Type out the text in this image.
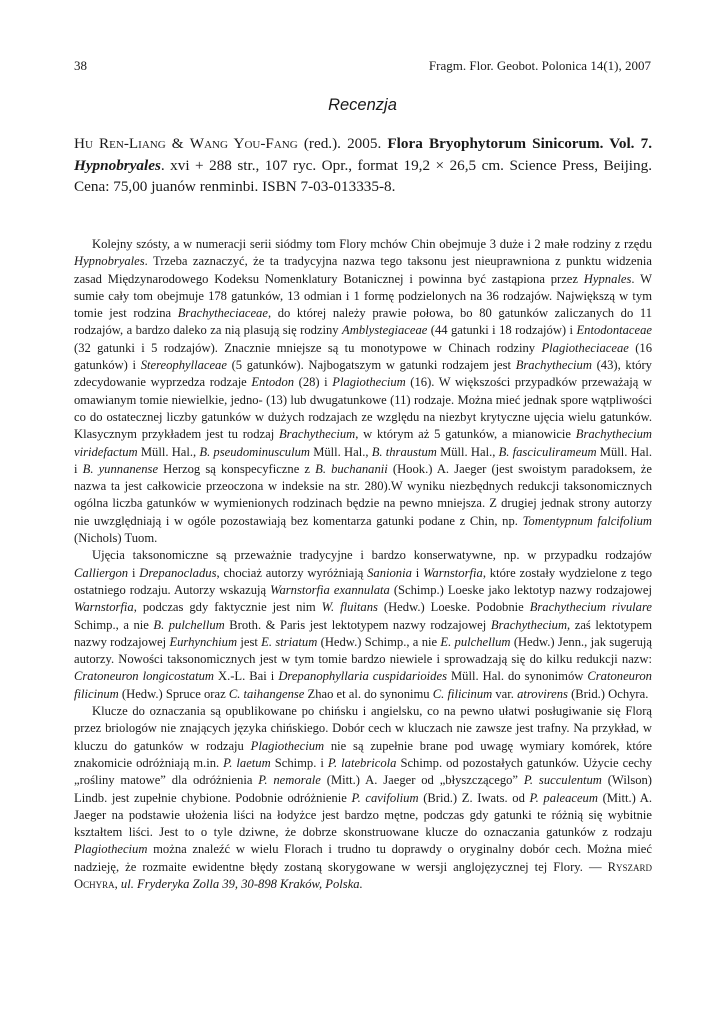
38	Fragm. Flor. Geobot. Polonica 14(1), 2007
Recenzja
Hu Ren-Liang & Wang You-Fang (red.). 2005. Flora Bryophytorum Sinicorum. Vol. 7. Hypnobryales. xvi + 288 str., 107 ryc. Opr., format 19,2 × 26,5 cm. Science Press, Beijing. Cena: 75,00 juanów renminbi. ISBN 7-03-013335-8.

Kolejny szósty, a w numeracji serii siódmy tom Flory mchów Chin obejmuje 3 duże i 2 małe rodziny z rzędu Hypnobryales. Trzeba zaznaczyć, że ta tradycyjna nazwa tego taksonu jest nieuprawniona z punktu widzenia zasad Międzynarodowego Kodeksu Nomenklatury Botanicznej i powinna być zastąpiona przez Hypnales. W sumie cały tom obejmuje 178 gatunków, 13 odmian i 1 formę podzielonych na 36 rodzajów. Największą w tym tomie jest rodzina Brachytheciaceae, do której należy prawie połowa, bo 80 gatunków zaliczanych do 11 rodzajów, a bardzo daleko za nią plasują się rodziny Amblystegiaceae (44 gatunki i 18 rodzajów) i Entodontaceae (32 gatunki i 5 rodzajów). Znacznie mniejsze są tu monotypowe w Chinach rodziny Plagiotheciaceae (16 gatunków) i Stereophyllaceae (5 gatunków). Najbogatszym w gatunki rodzajem jest Brachythecium (43), który zdecydowanie wyprzedza rodzaje Entodon (28) i Plagiothecium (16). W większości przypadków przeważają w omawianym tomie niewielkie, jedno- (13) lub dwugatunkowe (11) rodzaje. Można mieć jednak spore wątpliwości co do ostatecznej liczby gatunków w dużych rodzajach ze względu na niezbyt krytyczne ujęcia wielu gatunków. Klasycznym przykładem jest tu rodzaj Brachythecium, w którym aż 5 gatunków, a mianowicie Brachythecium viridefactum Müll. Hal., B. pseudominusculum Müll. Hal., B. thraustum Müll. Hal., B. fasciculirameum Müll. Hal. i B. yunnanense Herzog są konspecyficzne z B. buchananii (Hook.) A. Jaeger (jest swoistym paradoksem, że nazwa ta jest całkowicie przeoczona w indeksie na str. 280).W wyniku niezbędnych redukcji taksonomicznych ogólna liczba gatunków w wymienionych rodzinach będzie na pewno mniejsza. Z drugiej jednak strony autorzy nie uwzględniają i w ogóle pozostawiają bez komentarza gatunki podane z Chin, np. Tomentypnum falcifolium (Nichols) Tuom.

Ujęcia taksonomiczne są przeważnie tradycyjne i bardzo konserwatywne, np. w przypadku rodzajów Calliergon i Drepanocladus, chociaż autorzy wyróżniają Sanionia i Warnstorfia, które zostały wydzielone z tego ostatniego rodzaju. Autorzy wskazują Warnstorfia exannulata (Schimp.) Loeske jako lektotyp nazwy rodzajowej Warnstorfia, podczas gdy faktycznie jest nim W. fluitans (Hedw.) Loeske. Podobnie Brachythecium rivulare Schimp., a nie B. pulchellum Broth. & Paris jest lektotypem nazwy rodzajowej Brachythecium, zaś lektotypem nazwy rodzajowej Eurhynchium jest E. striatum (Hedw.) Schimp., a nie E. pulchellum (Hedw.) Jenn., jak sugerują autorzy. Nowości taksonomicznych jest w tym tomie bardzo niewiele i sprowadzają się do kilku redukcji nazw: Cratoneuron longicostatum X.-L. Bai i Drepanophyllaria cuspidarioides Müll. Hal. do synonimów Cratoneuron filicinum (Hedw.) Spruce oraz C. taihangense Zhao et al. do synonimu C. filicinum var. atrovirens (Brid.) Ochyra.

Klucze do oznaczania są opublikowane po chińsku i angielsku, co na pewno ułatwi posługiwanie się Florą przez briologów nie znających języka chińskiego. Dobór cech w kluczach nie zawsze jest trafny. Na przykład, w kluczu do gatunków w rodzaju Plagiothecium nie są zupełnie brane pod uwagę wymiary komórek, które znakomicie odróżniają m.in. P. laetum Schimp. i P. latebricola Schimp. od pozostałych gatunków. Użycie cechy „rośliny matowe” dla odróżnienia P. nemorale (Mitt.) A. Jaeger od „błyszczącego” P. succulentum (Wilson) Lindb. jest zupełnie chybione. Podobnie odróżnienie P. cavifolium (Brid.) Z. Iwats. od P. paleaceum (Mitt.) A. Jaeger na podstawie ułożenia liści na łodyżce jest bardzo mętne, podczas gdy gatunki te różnią się wybitnie kształtem liści. Jest to o tyle dziwne, że dobrze skonstruowane klucze do oznaczania gatunków z rodzaju Plagiothecium można znaleźć w wielu Florach i trudno tu doprawdy o oryginalny dobór cech. Można mieć nadzieję, że rozmaite ewidentne błędy zostaną skorygowane w wersji anglojęzycznej tej Flory. — Ryszard Ochyra, ul. Fryderyka Zolla 39, 30-898 Kraków, Polska.
